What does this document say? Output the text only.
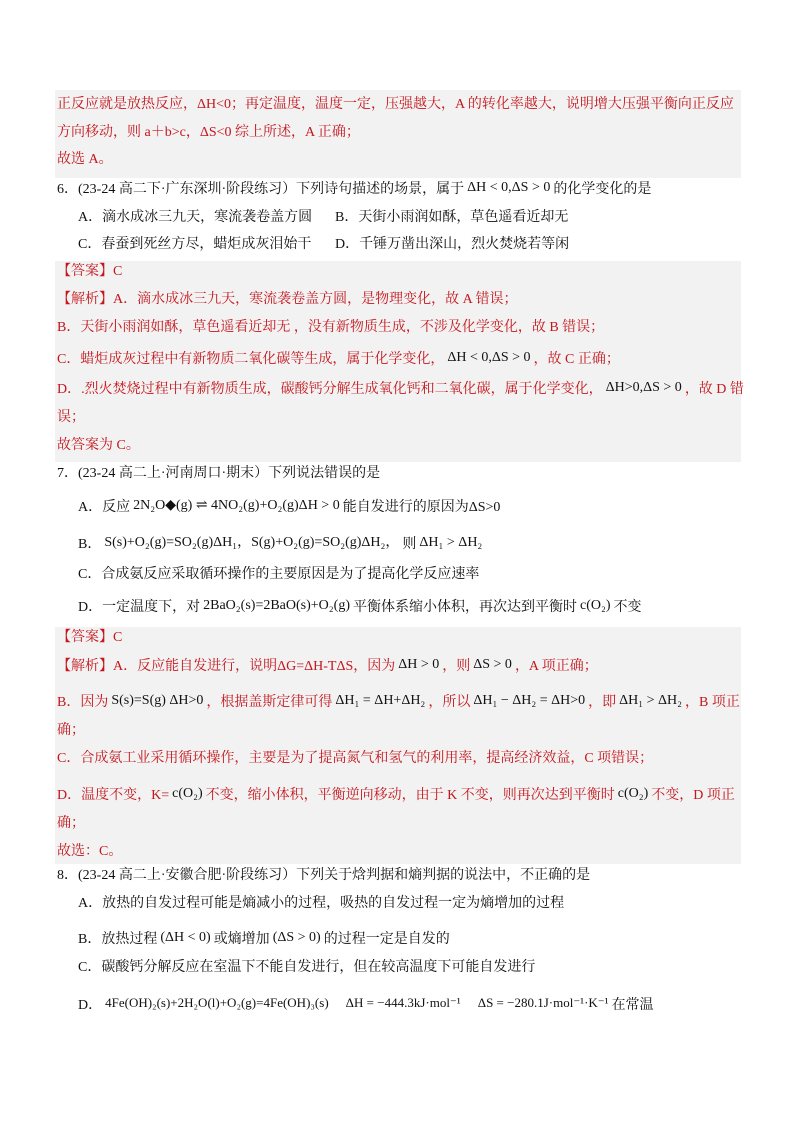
正反应就是放热反应，ΔH<0；再定温度，温度一定，压强越大，A 的转化率越大，说明增大压强平衡向正反应
方向移动，则 a＋b>c，ΔS<0 综上所述，A 正确；
故选 A。
6．(23-24 高二下·广东深圳·阶段练习）下列诗句描述的场景，属于 ΔH < 0,ΔS > 0 的化学变化的是
A．滴水成冰三九天，寒流袭卷盖方圆 B．天街小雨润如酥，草色遥看近却无
C．春蚕到死丝方尽，蜡炬成灰泪始干 D．千锤万凿出深山，烈火焚烧若等闲
【答案】C
【解析】A．滴水成冰三九天，寒流袭卷盖方圆，是物理变化，故 A 错误；
B．天街小雨润如酥，草色遥看近却无 ，没有新物质生成，不涉及化学变化，故 B 错误；
C．蜡炬成灰过程中有新物质二氧化碳等生成，属于化学变化， ΔH < 0,ΔS > 0 ，故 C 正确；
D．.烈火焚烧过程中有新物质生成，碳酸钙分解生成氧化钙和二氧化碳，属于化学变化， ΔH>0,ΔS > 0 ，故 D 错
误；
故答案为 C。
7．(23-24 高二上·河南周口·期末）下列说法错误的是
A．反应 2N₂O◆(g) ⇌ 4NO₂(g)+O₂(g)ΔH > 0 能自发进行的原因为ΔS>0
B． S(s)+O₂(g)=SO₂(g)ΔH₁，S(g)+O₂(g)=SO₂(g)ΔH₂， 则 ΔH₁ > ΔH₂
C．合成氨反应采取循环操作的主要原因是为了提高化学反应速率
D．一定温度下，对 2BaO₂(s)=2BaO(s)+O₂(g) 平衡体系缩小体积，再次达到平衡时 c(O₂) 不变
【答案】C
【解析】A．反应能自发进行，说明ΔG=ΔH-TΔS，因为 ΔH > 0 ，则 ΔS > 0 ，A 项正确；
B．因为 S(s)=S(g) ΔH>0 ，根据盖斯定律可得 ΔH₁ = ΔH+ΔH₂ ，所以 ΔH₁ − ΔH₂ = ΔH>0 ，即 ΔH₁ > ΔH₂ ，B 项正
确；
C．合成氨工业采用循环操作，主要是为了提高氮气和氢气的利用率，提高经济效益，C 项错误；
D．温度不变，K= c(O₂) 不变，缩小体积，平衡逆向移动，由于 K 不变，则再次达到平衡时 c(O₂) 不变，D 项正
确；
故选：C。
8．(23-24 高二上·安徽合肥·阶段练习）下列关于焓判据和熵判据的说法中，不正确的是
A．放热的自发过程可能是熵减小的过程，吸热的自发过程一定为熵增加的过程
B．放热过程 (ΔH < 0) 或熵增加 (ΔS > 0) 的过程一定是自发的
C．碳酸钙分解反应在室温下不能自发进行，但在较高温度下可能自发进行
D． 4Fe(OH)₂(s)+2H₂O(l)+O₂(g)=4Fe(OH)₃(s) ΔH = −444.3kJ·mol⁻¹ ΔS = −280.1J·mol⁻¹·K⁻¹ 在常温
